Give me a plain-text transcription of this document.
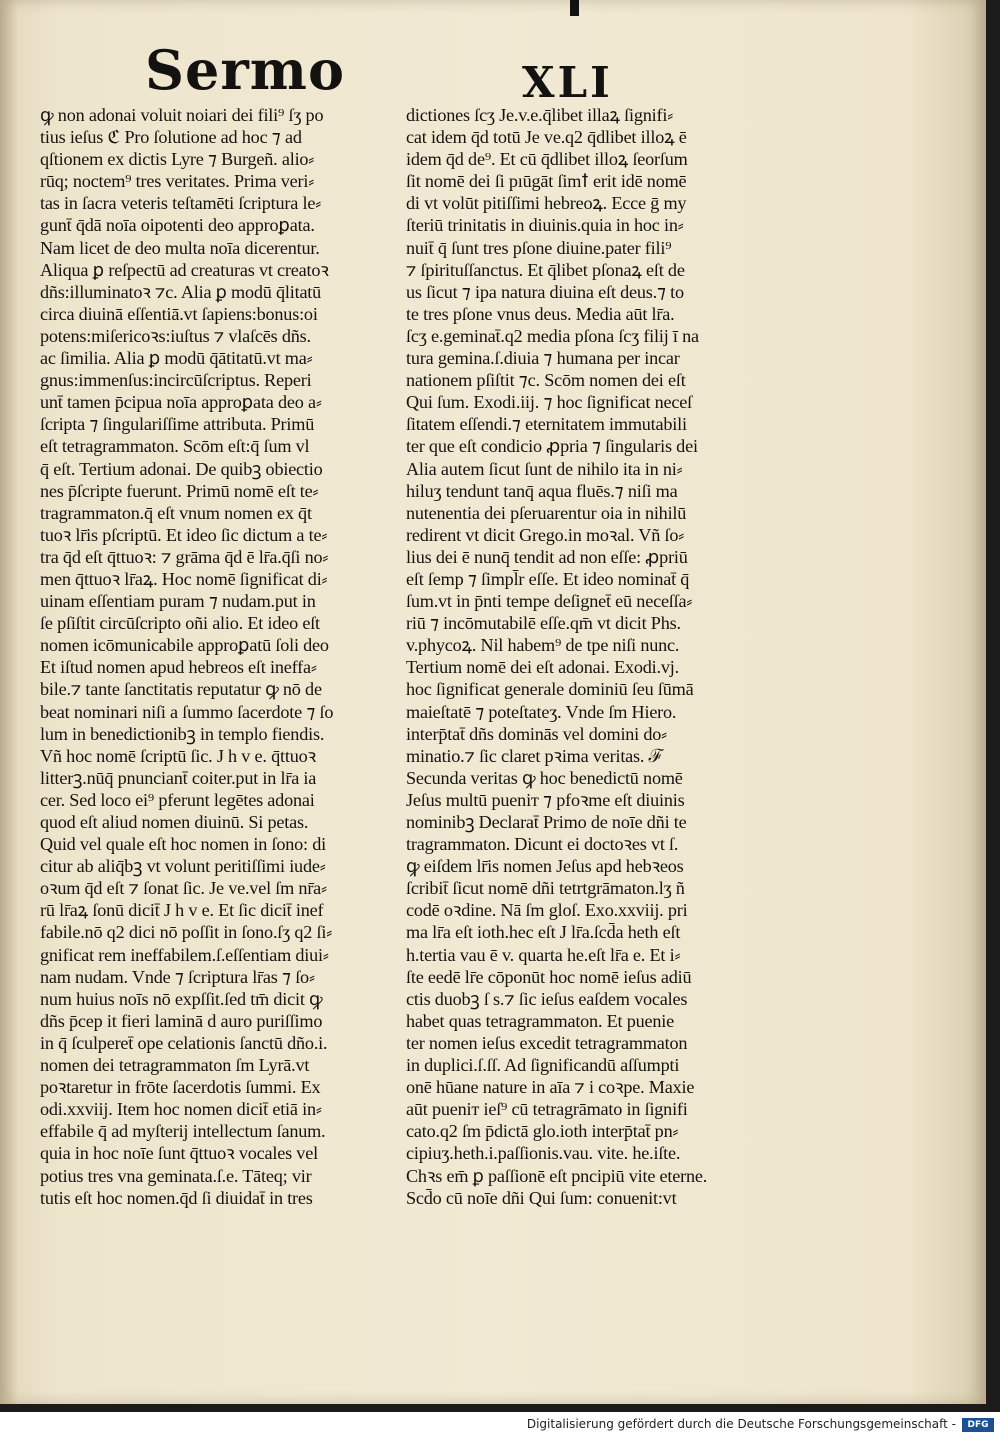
Sermo	XLI
ꝙ non adonai voluit noiari dei fili⁹ ſʒ po
tius ieſus ℭ Pro ſolutione ad hoc ⁊ ad
qſtionem ex dictis Lyre ⁊ Burgeñ. alio⸗
rūq; noctem⁹ tres veritates. Prima veri⸗
tas in ſacra veteris teſtamēti ſcriptura le⸗
gunt̄ q̄dā noīa oipotenti deo approꝑata.
Nam licet de deo multa noīa dicerentur.
Aliqua ꝑ reſpectū ad creaturas vt creatoꝛ
dñs:illuminatoꝛ ⁊c. Alia ꝑ modū q̄litatū
circa diuinā eſſentiā.vt ſapiens:bonus:oi
potens:miſericoꝛs:iuſtus ⁊ vlaſcēs dñs.
ac ſimilia. Alia ꝑ modū q̄ātitatū.vt ma⸗
gnus:immenſus:incircūſcriptus. Reperi
unt̄ tamen p̄cipua noīa approꝑata deo a⸗
ſcripta ⁊ ſingulariſſime attributa. Primū
eſt tetragrammaton. Scōm eſt:q̄ ſum vl
q̄ eſt. Tertium adonai. De quibꝫ obiectio
nes p̄ſcripte fuerunt. Primū nomē eſt te⸗
tragrammaton.q̄ eſt vnum nomen ex q̄t
tuoꝛ lr̄is pſcriptū. Et ideo ſic dictum a te⸗
tra q̄d eſt q̄ttuoꝛ: ⁊ grāma q̄d ē lr̄a.q̄ſi no⸗
men q̄ttuoꝛ lr̄aꝝ. Hoc nomē ſignificat di⸗
uinam eſſentiam puram ⁊ nudam.put in
ſe pſiſtit circūſcripto oñi alio. Et ideo eſt
nomen icōmunicabile approꝑatū ſoli deo
Et iſtud nomen apud hebreos eſt ineffa⸗
bile.⁊ tante ſanctitatis reputatur ꝙ nō de
beat nominari niſi a ſummo ſacerdote ⁊ ſo
lum in benedictionibꝫ in templo fiendis.
Vñ hoc nomē ſcriptū ſic. J h v e. q̄ttuoꝛ
litterꝫ.nūq̄ pnunciant̄ coiter.put in lr̄a ia
cer. Sed loco ei⁹ pferunt legētes adonai
quod eſt aliud nomen diuinū. Si petas.
Quid vel quale eſt hoc nomen in ſono: di
citur ab aliq̄bꝫ vt volunt peritiſſimi iude⸗
oꝛum q̄d eſt ⁊ ſonat ſic. Je ve.vel ſm nr̄a⸗
rū lr̄aꝝ ſonū dicit̄ J h v e. Et ſic dicit̄ inef
fabile.nō q2 dici nō poſſit in ſono.ſʒ q2 ſi⸗
gnificat rem ineffabilem.ſ.eſſentiam diui⸗
nam nudam. Vnde ⁊ ſcriptura lr̄as ⁊ ſo⸗
num huius noīs nō expſſit.ſed tm̄ dicit ꝙ
dñs p̄cep it fieri laminā d auro puriſſimo
in q̄ ſculperet̄ ope celationis ſanctū dño.i.
nomen dei tetragrammaton ſm Lyrā.vt
poꝛtaretur in frōte ſacerdotis ſummi. Ex
odi.xxviij. Item hoc nomen dicit̄ etiā in⸗
effabile q̄ ad myſterij intellectum ſanum.
quia in hoc noīe ſunt q̄ttuoꝛ vocales vel
potius tres vna geminata.ſ.e. Tāteq; vir
tutis eſt hoc nomen.q̄d ſi diuidat̄ in tres
dictiones ſcʒ Je.v.e.q̄libet illaꝝ ſignifi⸗
cat idem q̄d totū Je ve.q2 q̄dlibet illoꝝ ē
idem q̄d de⁹. Et cū q̄dlibet illoꝝ ſeorſum
ſit nomē dei ſi pıūgāt ſimꝉ erit idē nomē
di vt volūt pitiſſimi hebreoꝝ. Ecce ḡ my
ſteriū trinitatis in diuinis.quia in hoc in⸗
nuit̄ q̄ ſunt tres pſone diuine.pater fili⁹
⁊ ſpirituſſanctus. Et q̄libet pſonaꝝ eſt de
us ſicut ⁊ ipa natura diuina eſt deus.⁊ to
te tres pſone vnus deus. Media aūt lr̄a.
ſcʒ e.geminat̄.q2 media pſona ſcʒ filij ī na
tura gemina.ſ.diuia ⁊ humana per incar
nationem pſiſtit ⁊c. Scōm nomen dei eſt
Qui ſum. Exodi.iij. ⁊ hoc ſignificat neceſ
ſitatem eſſendi.⁊ eternitatem immutabili
ter que eſt condicio ꝓpria ⁊ ſingularis dei
Alia autem ſicut ſunt de nihilo ita in ni⸗
hiluʒ tendunt tanq̄ aqua fluēs.⁊ niſi ma
nutenentia dei pſeruarentur oia in nihilū
redirent vt dicit Grego.in moꝛal. Vñ ſo⸗
lius dei ē nunq̄ tendit ad non eſſe: ꝓpriū
eſt ſemp ⁊ ſimpl̄r eſſe. Et ideo nominat̄ q̄
ſum.vt in p̄nti tempe deſignet̄ eū neceſſa⸗
riū ⁊ incōmutabilē eſſe.qm̄ vt dicit Phs.
v.phycoꝝ. Nil habem⁹ de tpe niſi nunc.
Tertium nomē dei eſt adonai. Exodi.vj.
hoc ſignificat generale dominiū ſeu ſūmā
maieſtatē ⁊ poteſtateʒ. Vnde ſm Hiero.
interp̄tat̄ dñs dominās vel domini do⸗
minatio.⁊ ſic claret pꝛima veritas. ℱ
Secunda veritas ꝙ hoc benedictū nomē
Jeſus multū pueniт ⁊ pfoꝛme eſt diuinis
nominibꝫ Declarat̄ Primo de noīe dñi te
tragrammaton. Dicunt ei doctoꝛes vt ſ.
ꝙ eiſdem lr̄is nomen Jeſus apd hebꝛeos
ſcribit̄ ſicut nomē dñi tetrtgrāmaton.lʒ ñ
codē oꝛdine. Nā ſm gloſ. Exo.xxviij. pri
ma lr̄a eſt ioth.hec eſt J lr̄a.ſcd̄a heth eſt
h.tertia vau ē v. quarta he.eſt lr̄a e. Et i⸗
ſte eedē lr̄e cōponūt hoc nomē ieſus adiū
ctis duobꝫ ſ s.⁊ ſic ieſus eaſdem vocales
habet quas tetragrammaton. Et puenie
ter nomen ieſus excedit tetragrammaton
in duplici.ſ.ſſ. Ad ſignificandū aſſumpti
onē hūane nature in aīa ⁊ i coꝛpe. Maxie
aūt pueniт ieſ⁹ cū tetragrāmato in ſignifi
cato.q2 ſm p̄dictā glo.ioth interp̄tat̄ pn⸗
cipiuʒ.heth.i.paſſionis.vau. vite. he.iſte.
Chꝛs em̄ ꝑ paſſionē eſt pncipiū vite eterne.
Scd̄o cū noīe dñi Qui ſum: conuenit:vt
Digitalisierung gefördert durch die Deutsche Forschungsgemeinschaft -	DFG
